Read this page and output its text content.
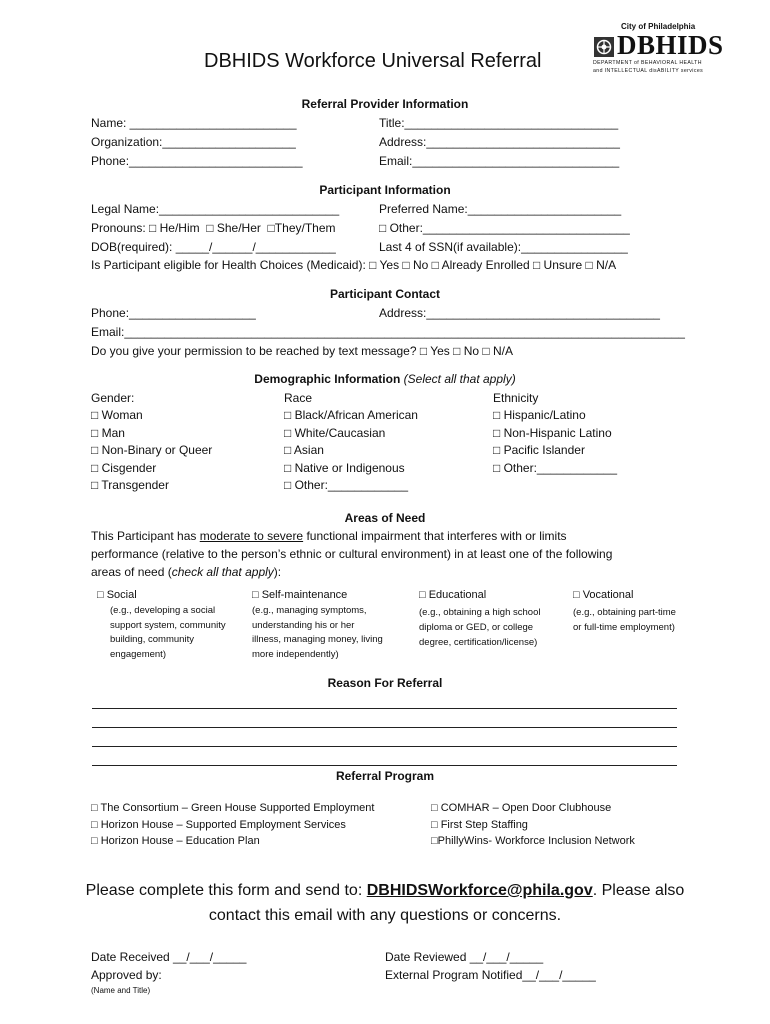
City of Philadelphia
DBHIDS
DEPARTMENT of BEHAVIORAL HEALTH
and INTELLECTUAL disABILITY services
DBHIDS Workforce Universal Referral
Referral Provider Information
Name: _________________________
Organization:____________________
Phone:__________________________
Title:________________________________
Address:_____________________________
Email:_______________________________
Participant Information
Legal Name:___________________________
Pronouns: □ He/Him  □ She/Her  □They/Them
DOB(required): _____/______/____________
Preferred Name:_______________________
□ Other:_______________________________
Last 4 of SSN(if available):________________
Is Participant eligible for Health Choices (Medicaid): □ Yes □ No □ Already Enrolled □ Unsure □ N/A
Participant Contact
Phone:___________________	Address:___________________________________
Email:____________________________________________________________________________________
Do you give your permission to be reached by text message? □ Yes □ No □ N/A
Demographic Information (Select all that apply)
Gender:
□ Woman
□ Man
□ Non-Binary or Queer
□ Cisgender
□ Transgender
Race
□ Black/African American
□ White/Caucasian
□ Asian
□ Native or Indigenous
□ Other:____________
Ethnicity
□ Hispanic/Latino
□ Non-Hispanic Latino
□ Pacific Islander
□ Other:____________
Areas of Need
This Participant has moderate to severe functional impairment that interferes with or limits
performance (relative to the person’s ethnic or cultural environment) in at least one of the following
areas of need (check all that apply):
□ Social
(e.g., developing a social
support system, community
building, community
engagement)
□ Self-maintenance
(e.g., managing symptoms,
understanding his or her
illness, managing money, living
more independently)
□ Educational
(e.g., obtaining a high school
diploma or GED, or college
degree, certification/license)
□ Vocational
(e.g., obtaining part-time
or full-time employment)
Reason For Referral
Referral Program
□ The Consortium – Green House Supported Employment
□ Horizon House – Supported Employment Services
□ Horizon House – Education Plan
□ COMHAR – Open Door Clubhouse
□ First Step Staffing
□PhillyWins- Workforce Inclusion Network
Please complete this form and send to: DBHIDSWorkforce@phila.gov. Please also
contact this email with any questions or concerns.
Date Received __/___/_____
Approved by:
(Name and Title)
Date Reviewed __/___/_____
External Program Notified__/___/_____
